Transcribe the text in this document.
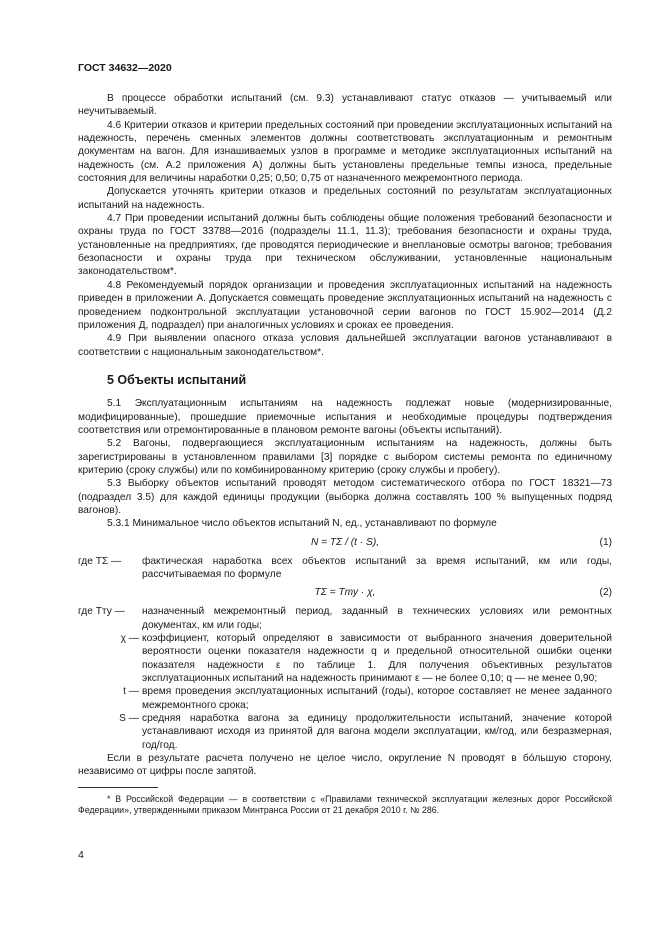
ГОСТ 34632—2020

В процессе обработки испытаний (см. 9.3) устанавливают статус отказов — учитываемый или неучитываемый.

4.6 Критерии отказов и критерии предельных состояний при проведении эксплуатационных испытаний на надежность, перечень сменных элементов должны соответствовать эксплуатационным и ремонтным документам на вагон. Для изнашиваемых узлов в программе и методике эксплуатационных испытаний на надежность (см. А.2 приложения А) должны быть установлены предельные темпы износа, предельные состояния для величины наработки 0,25; 0,50; 0,75 от назначенного межремонтного периода.

Допускается уточнять критерии отказов и предельных состояний по результатам эксплуатационных испытаний на надежность.

4.7 При проведении испытаний должны быть соблюдены общие положения требований безопасности и охраны труда по ГОСТ 33788—2016 (подразделы 11.1, 11.3); требования безопасности и охраны труда, установленные на предприятиях, где проводятся периодические и внеплановые осмотры вагонов; требования безопасности и охраны труда при техническом обслуживании, установленные национальным законодательством*.

4.8 Рекомендуемый порядок организации и проведения эксплуатационных испытаний на надежность приведен в приложении А. Допускается совмещать проведение эксплуатационных испытаний на надежность с проведением подконтрольной эксплуатации установочной серии вагонов по ГОСТ 15.902—2014 (Д.2 приложения Д, подраздел) при аналогичных условиях и сроках ее проведения.

4.9 При выявлении опасного отказа условия дальнейшей эксплуатации вагонов устанавливают в соответствии с национальным законодательством*.

5 Объекты испытаний

5.1 Эксплуатационным испытаниям на надежность подлежат новые (модернизированные, модифицированные), прошедшие приемочные испытания и необходимые процедуры подтверждения соответствия или отремонтированные в плановом ремонте вагоны (объекты испытаний).

5.2 Вагоны, подвергающиеся эксплуатационным испытаниям на надежность, должны быть зарегистрированы в установленном правилами [3] порядке с выбором системы ремонта по единичному критерию (сроку службы) или по комбинированному критерию (сроку службы и пробегу).

5.3 Выборку объектов испытаний проводят методом систематического отбора по ГОСТ 18321—73 (подраздел 3.5) для каждой единицы продукции (выборка должна составлять 100 % выпущенных подряд вагонов).

5.3.1 Минимальное число объектов испытаний N, ед., устанавливают по формуле

N = TΣ / (t · S),	(1)
где TΣ —	фактическая наработка всех объектов испытаний за время испытаний, км или годы, рассчитываемая по формуле
TΣ = Tту · χ,	(2)
где Tту —	назначенный межремонтный период, заданный в технических условиях или ремонтных документах, км или годы;
χ — коэффициент, который определяют в зависимости от выбранного значения доверительной вероятности оценки показателя надежности q и предельной относительной ошибки оценки показателя надежности ε по таблице 1. Для получения объективных результатов эксплуатационных испытаний на надежность принимают ε — не более 0,10; q — не менее 0,90;
t — время проведения эксплуатационных испытаний (годы), которое составляет не менее заданного межремонтного срока;
S — средняя наработка вагона за единицу продолжительности испытаний, значение которой устанавливают исходя из принятой для вагона модели эксплуатации, км/год, или безразмерная, год/год.

Если в результате расчета получено не целое число, округление N проводят в бóльшую сторону, независимо от цифры после запятой.

* В Российской Федерации — в соответствии с «Правилами технической эксплуатации железных дорог Российской Федерации», утвержденными приказом Минтранса России от 21 декабря 2010 г. № 286.

4
